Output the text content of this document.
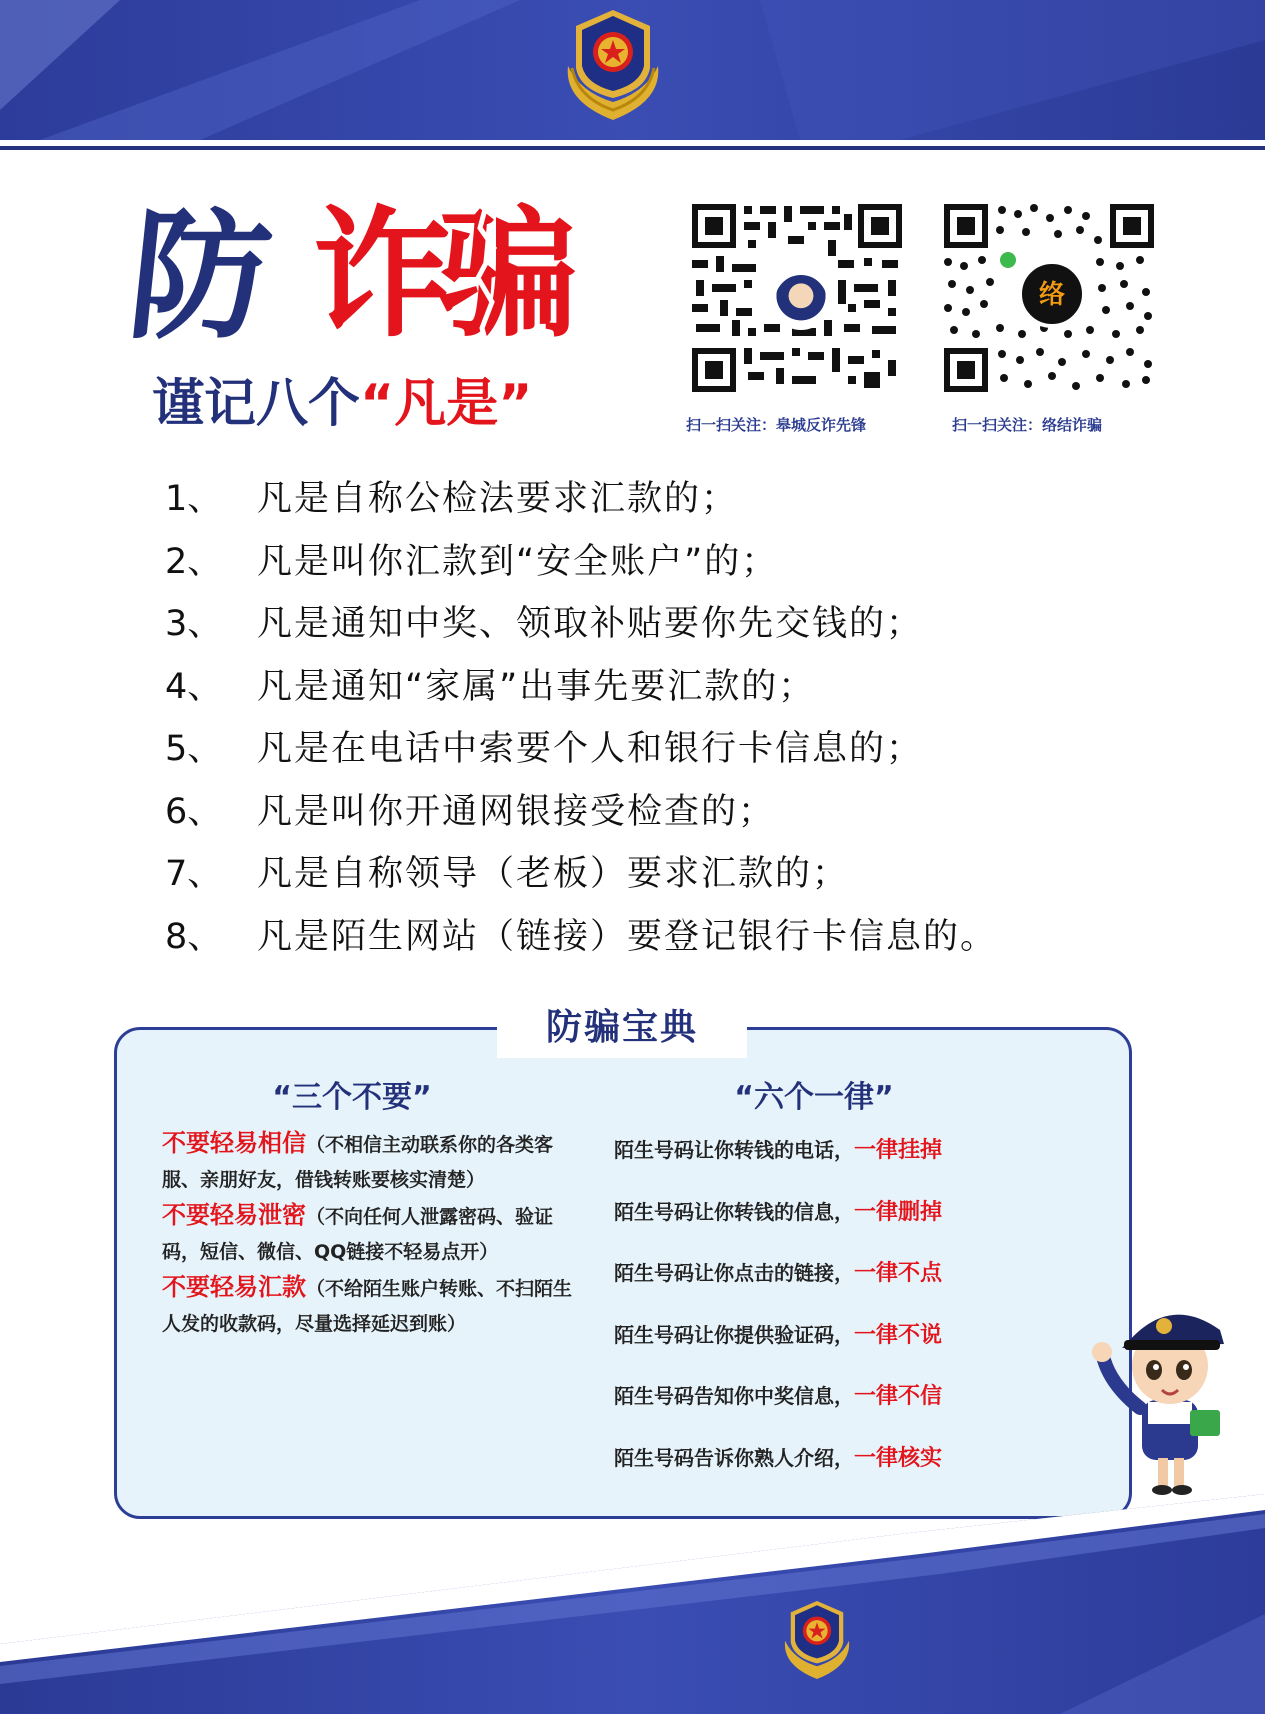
防 诈骗
谨记八个“凡是”
络
扫一扫关注：皋城反诈先锋	扫一扫关注：络结诈骗
1、 凡是自称公检法要求汇款的；
2、 凡是叫你汇款到“安全账户”的；
3、 凡是通知中奖、领取补贴要你先交钱的；
4、 凡是通知“家属”出事先要汇款的；
5、 凡是在电话中索要个人和银行卡信息的；
6、 凡是叫你开通网银接受检查的；
7、 凡是自称领导（老板）要求汇款的；
8、 凡是陌生网站（链接）要登记银行卡信息的。
防骗宝典
“三个不要”
不要轻易相信（不相信主动联系你的各类客服、亲朋好友，借钱转账要核实清楚）
不要轻易泄密（不向任何人泄露密码、验证码，短信、微信、QQ链接不轻易点开）
不要轻易汇款（不给陌生账户转账、不扫陌生人发的收款码，尽量选择延迟到账）
“六个一律”
陌生号码让你转钱的电话，一律挂掉
陌生号码让你转钱的信息，一律删掉
陌生号码让你点击的链接，一律不点
陌生号码让你提供验证码，一律不说
陌生号码告知你中奖信息，一律不信
陌生号码告诉你熟人介绍，一律核实
